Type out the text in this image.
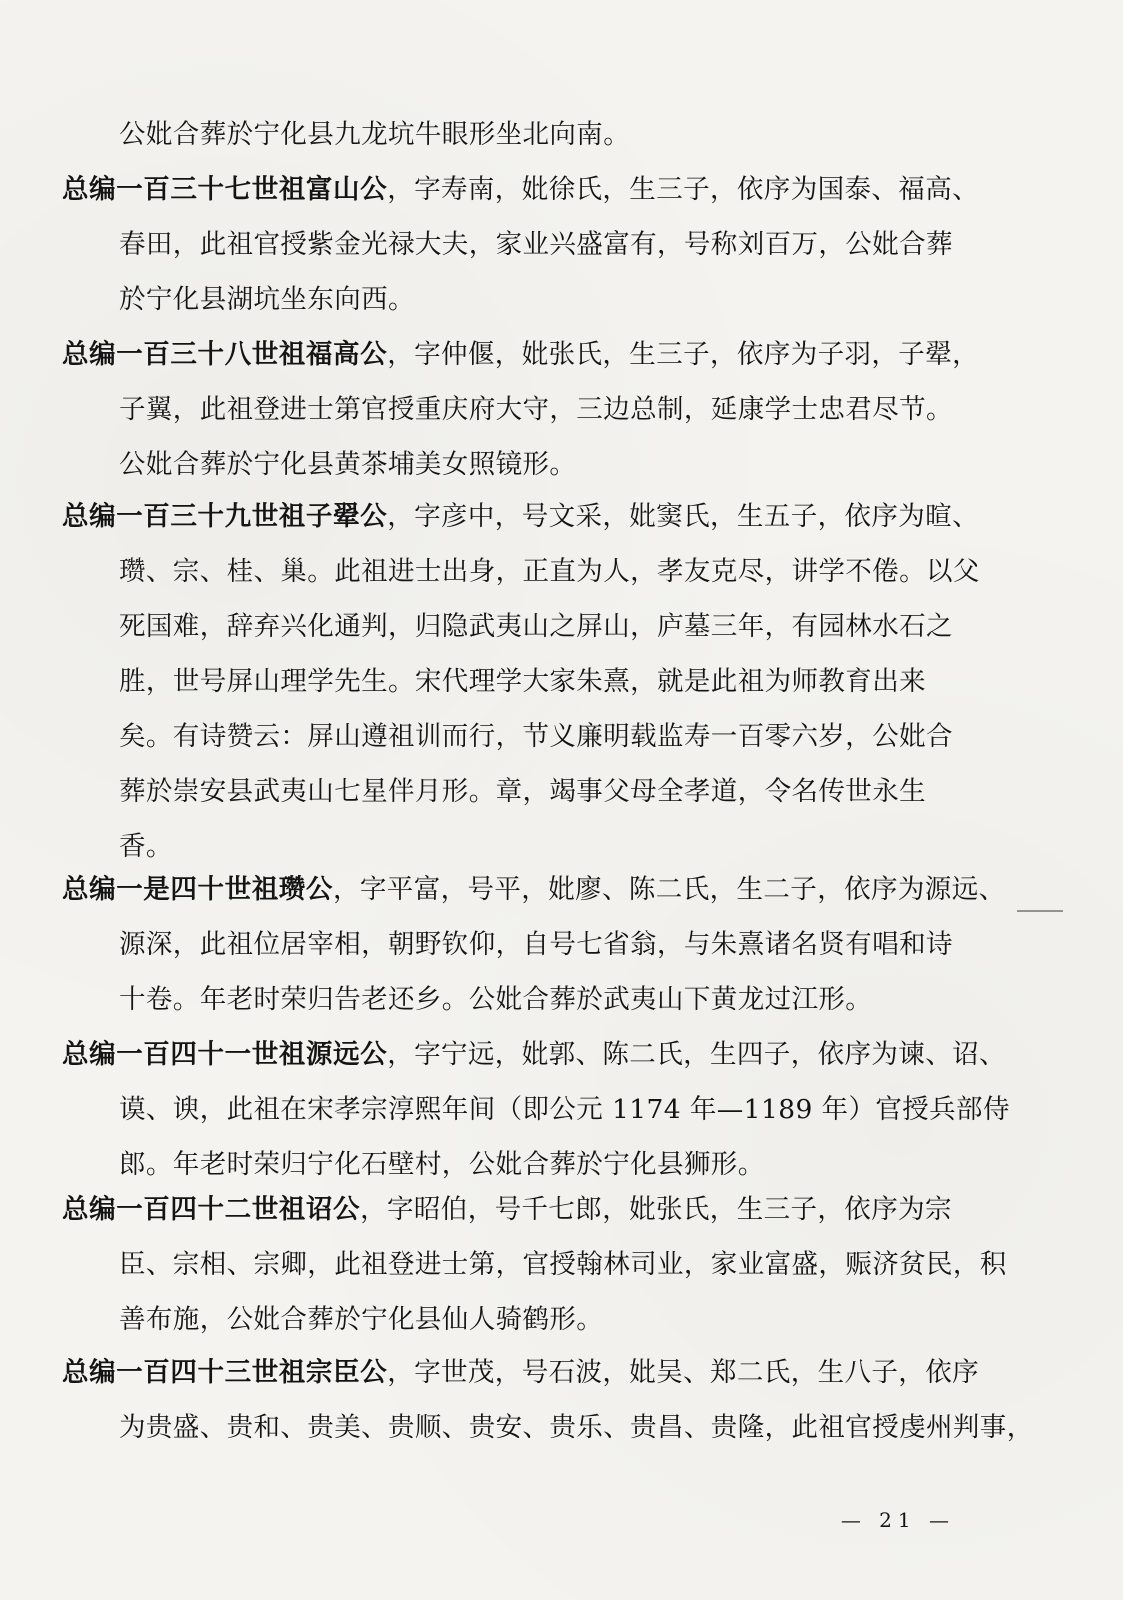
公妣合葬於宁化县九龙坑牛眼形坐北向南。
总编一百三十七世祖富山公，字寿南，妣徐氏，生三子，依序为国泰、福高、
春田，此祖官授紫金光禄大夫，家业兴盛富有，号称刘百万，公妣合葬
於宁化县湖坑坐东向西。
总编一百三十八世祖福高公，字仲偃，妣张氏，生三子，依序为子羽，子翚，
子翼，此祖登进士第官授重庆府大守，三边总制，延康学士忠君尽节。
公妣合葬於宁化县黄茶埔美女照镜形。
总编一百三十九世祖子翚公，字彦中，号文采，妣窦氏，生五子，依序为暄、
瓒、宗、桂、巢。此祖进士出身，正直为人，孝友克尽，讲学不倦。以父
死国难，辞弃兴化通判，归隐武夷山之屏山，庐墓三年，有园林水石之
胜，世号屏山理学先生。宋代理学大家朱熹，就是此祖为师教育出来
矣。有诗赞云：屏山遵祖训而行，节义廉明载监寿一百零六岁，公妣合
葬於崇安县武夷山七星伴月形。章，竭事父母全孝道，令名传世永生
香。
总编一是四十世祖瓒公，字平富，号平，妣廖、陈二氏，生二子，依序为源远、
源深，此祖位居宰相，朝野钦仰，自号七省翁，与朱熹诸名贤有唱和诗
十卷。年老时荣归告老还乡。公妣合葬於武夷山下黄龙过江形。
总编一百四十一世祖源远公，字宁远，妣郭、陈二氏，生四子，依序为谏、诏、
谟、谀，此祖在宋孝宗淳熙年间（即公元 1174 年—1189 年）官授兵部侍
郎。年老时荣归宁化石壁村，公妣合葬於宁化县狮形。
总编一百四十二世祖诏公，字昭伯，号千七郎，妣张氏，生三子，依序为宗
臣、宗相、宗卿，此祖登进士第，官授翰林司业，家业富盛，赈济贫民，积
善布施，公妣合葬於宁化县仙人骑鹤形。
总编一百四十三世祖宗臣公，字世茂，号石波，妣吴、郑二氏，生八子，依序
为贵盛、贵和、贵美、贵顺、贵安、贵乐、贵昌、贵隆，此祖官授虔州判事，
— 21 —
